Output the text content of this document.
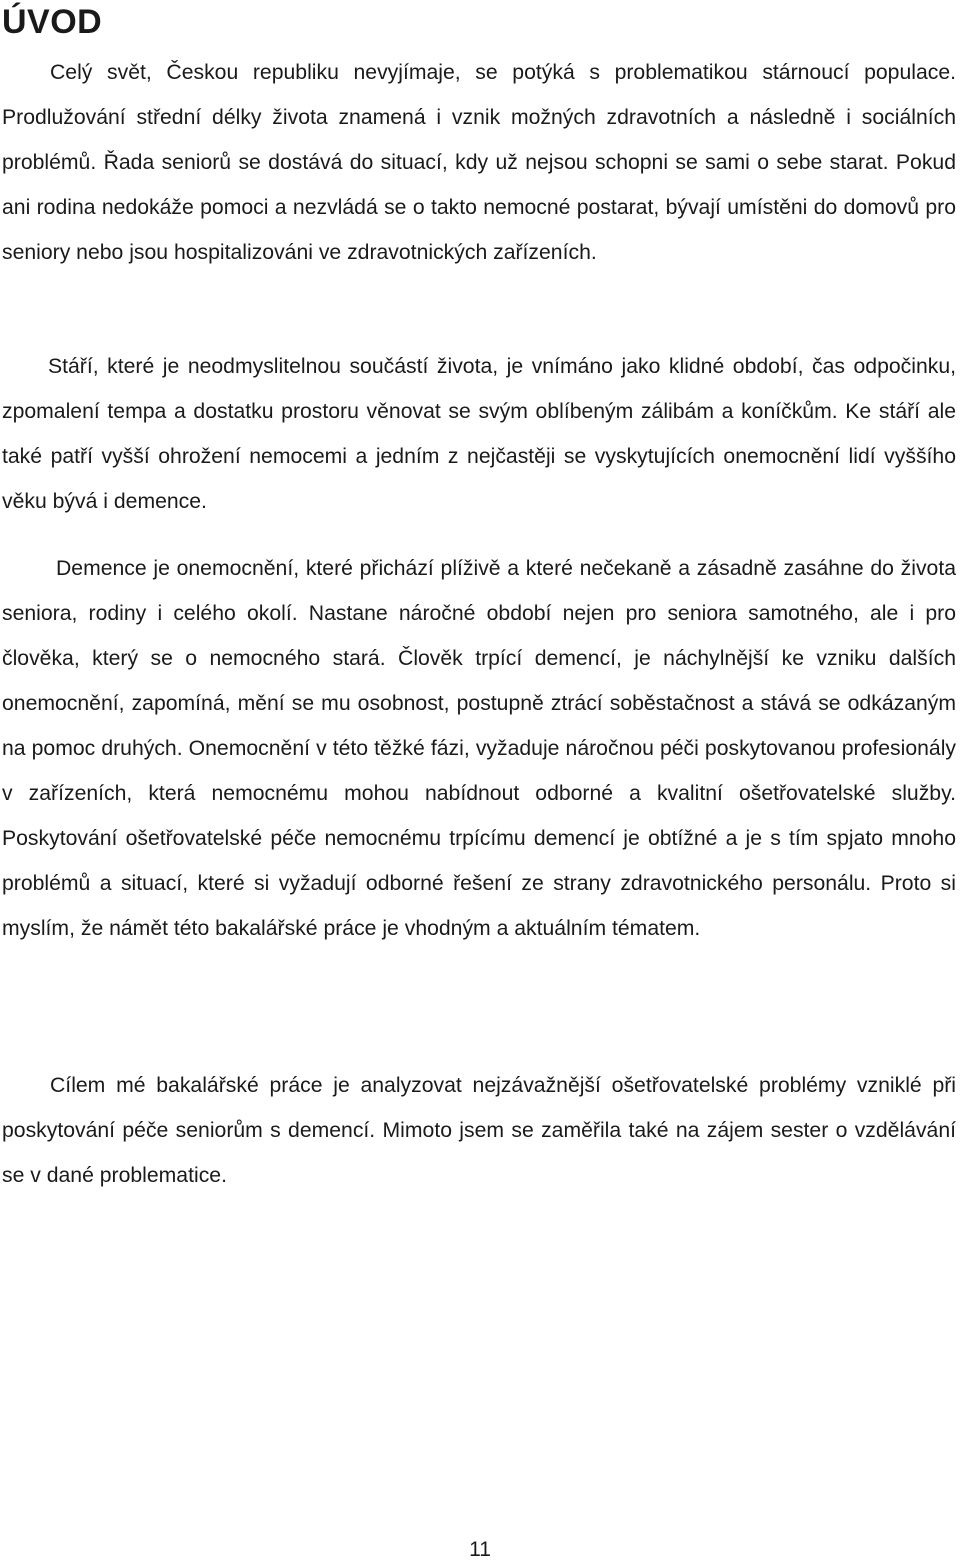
ÚVOD

Celý svět, Českou republiku nevyjímaje, se potýká s problematikou stárnoucí populace. Prodlužování střední délky života znamená i vznik možných zdravotních a následně i sociálních problémů. Řada seniorů se dostává do situací, kdy už nejsou schopni se sami o sebe starat. Pokud ani rodina nedokáže pomoci a nezvládá se o takto nemocné postarat, bývají umístěni do domovů pro seniory nebo jsou hospitalizováni ve zdravotnických zařízeních.

Stáří, které je neodmyslitelnou součástí života, je vnímáno jako klidné období, čas odpočinku, zpomalení tempa a dostatku prostoru věnovat se svým oblíbeným zálibám a koníčkům. Ke stáří ale také patří vyšší ohrožení nemocemi a jedním z nejčastěji se vyskytujících onemocnění lidí vyššího věku bývá i demence.

Demence je onemocnění, které přichází plíživě a které nečekaně a zásadně zasáhne do života seniora, rodiny i celého okolí. Nastane náročné období nejen pro seniora samotného, ale i pro člověka, který se o nemocného stará. Člověk trpící demencí, je náchylnější ke vzniku dalších onemocnění, zapomíná, mění se mu osobnost, postupně ztrácí soběstačnost a stává se odkázaným na pomoc druhých. Onemocnění v této těžké fázi, vyžaduje náročnou péči poskytovanou profesionály v zařízeních, která nemocnému mohou nabídnout odborné a kvalitní ošetřovatelské služby. Poskytování ošetřovatelské péče nemocnému trpícímu demencí je obtížné a je s tím spjato mnoho problémů a situací, které si vyžadují odborné řešení ze strany zdravotnického personálu. Proto si myslím, že námět této bakalářské práce je vhodným a aktuálním tématem.

Cílem mé bakalářské práce je analyzovat nejzávažnější ošetřovatelské problémy vzniklé při poskytování péče seniorům s demencí. Mimoto jsem se zaměřila také na zájem sester o vzdělávání se v dané problematice.

11
